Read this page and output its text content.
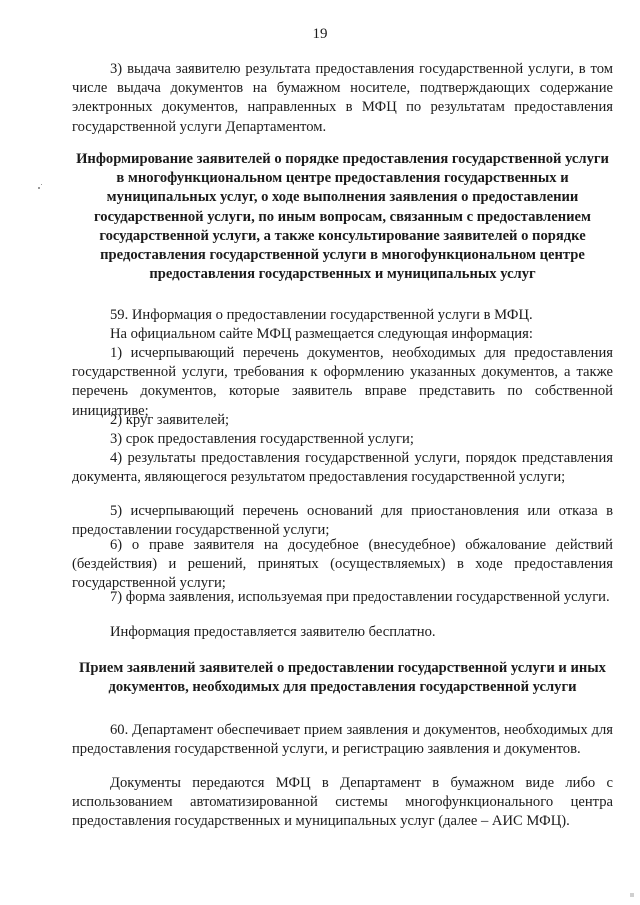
19

3) выдача заявителю результата предоставления государственной услуги, в том числе выдача документов на бумажном носителе, подтверждающих содержание электронных документов, направленных в МФЦ по результатам предоставления государственной услуги Департаментом.

Информирование заявителей о порядке предоставления государственной услуги в многофункциональном центре предоставления государственных и муниципальных услуг, о ходе выполнения заявления о предоставлении государственной услуги, по иным вопросам, связанным с предоставлением государственной услуги, а также консультирование заявителей о порядке предоставления государственной услуги в многофункциональном центре предоставления государственных и муниципальных услуг

59. Информация о предоставлении государственной услуги в МФЦ.

На официальном сайте МФЦ размещается следующая информация:

1) исчерпывающий перечень документов, необходимых для предоставления государственной услуги, требования к оформлению указанных документов, а также перечень документов, которые заявитель вправе представить по собственной инициативе;

2) круг заявителей;

3) срок предоставления государственной услуги;

4) результаты предоставления государственной услуги, порядок представления документа, являющегося результатом предоставления государственной услуги;

5) исчерпывающий перечень оснований для приостановления или отказа в предоставлении государственной услуги;

6) о праве заявителя на досудебное (внесудебное) обжалование действий (бездействия) и решений, принятых (осуществляемых) в ходе предоставления государственной услуги;

7) форма заявления, используемая при предоставлении государственной услуги.

Информация предоставляется заявителю бесплатно.

Прием заявлений заявителей о предоставлении государственной услуги и иных документов, необходимых для предоставления государственной услуги

60. Департамент обеспечивает прием заявления и документов, необходимых для предоставления государственной услуги, и регистрацию заявления и документов.

Документы передаются МФЦ в Департамент в бумажном виде либо с использованием автоматизированной системы многофункционального центра предоставления государственных и муниципальных услуг (далее – АИС МФЦ).
